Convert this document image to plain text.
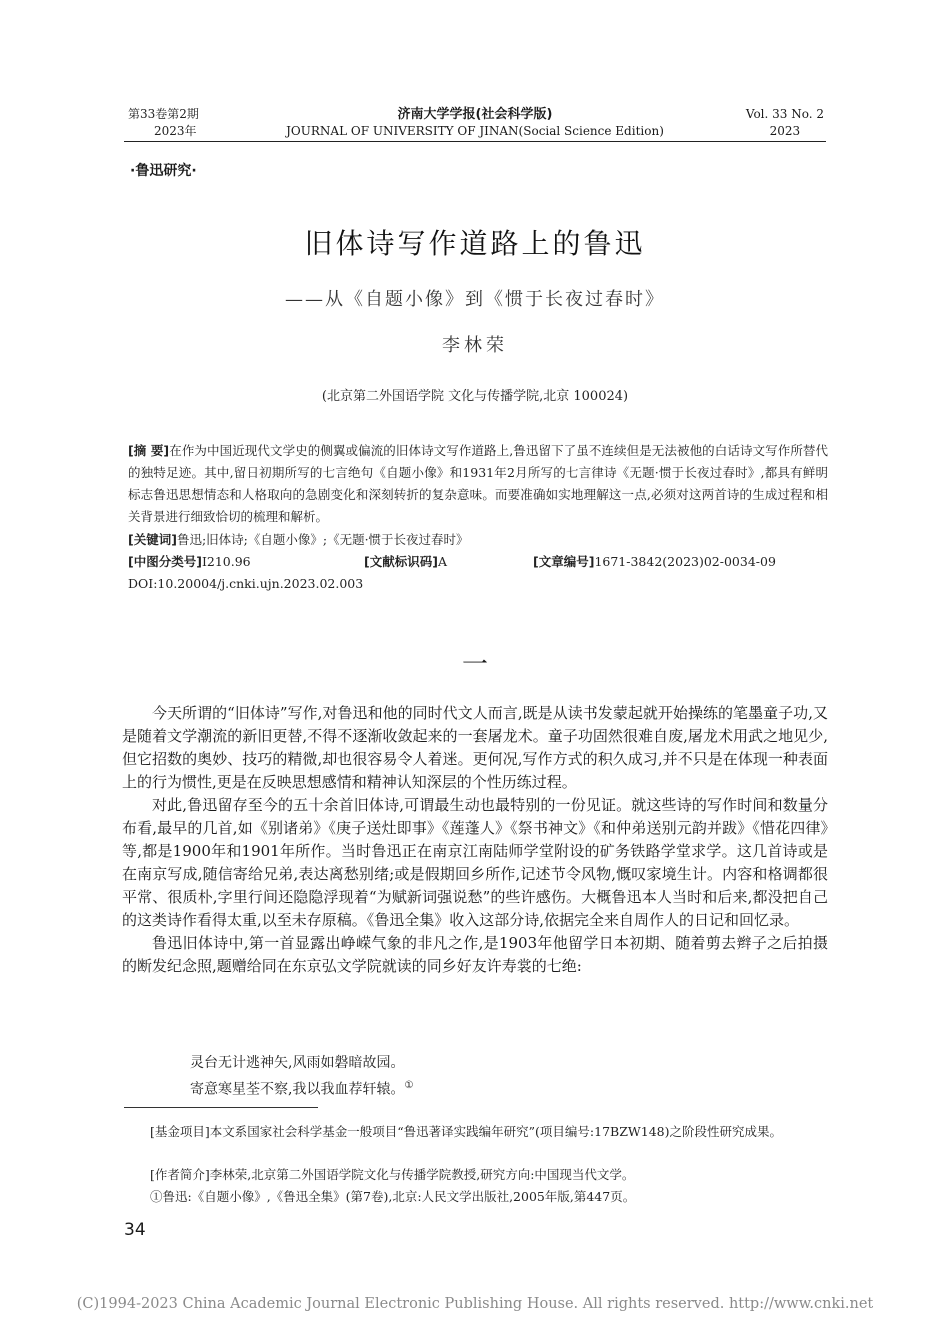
第33卷第2期
2023年
济南大学学报(社会科学版)
JOURNAL OF UNIVERSITY OF JINAN(Social Science Edition)
Vol. 33 No. 2
2023
·鲁迅研究·
旧体诗写作道路上的鲁迅
——从《自题小像》到《惯于长夜过春时》
李林荣
(北京第二外国语学院 文化与传播学院,北京 100024)
[摘 要]在作为中国近现代文学史的侧翼或偏流的旧体诗文写作道路上,鲁迅留下了虽不连续但是无法被他的白话诗文写作所替代的独特足迹。其中,留日初期所写的七言绝句《自题小像》和1931年2月所写的七言律诗《无题·惯于长夜过春时》,都具有鲜明标志鲁迅思想情态和人格取向的急剧变化和深刻转折的复杂意味。而要准确如实地理解这一点,必须对这两首诗的生成过程和相关背景进行细致恰切的梳理和解析。
[关键词]鲁迅;旧体诗;《自题小像》;《无题·惯于长夜过春时》
[中图分类号]I210.96	[文献标识码]A	[文章编号]1671-3842(2023)02-0034-09
DOI:10.20004/j.cnki.ujn.2023.02.003
一

今天所谓的“旧体诗”写作,对鲁迅和他的同时代文人而言,既是从读书发蒙起就开始操练的笔墨童子功,又是随着文学潮流的新旧更替,不得不逐渐收敛起来的一套屠龙术。童子功固然很难自废,屠龙术用武之地见少,但它招数的奥妙、技巧的精微,却也很容易令人着迷。更何况,写作方式的积久成习,并不只是在体现一种表面上的行为惯性,更是在反映思想感情和精神认知深层的个性历练过程。

对此,鲁迅留存至今的五十余首旧体诗,可谓最生动也最特别的一份见证。就这些诗的写作时间和数量分布看,最早的几首,如《别诸弟》《庚子送灶即事》《莲蓬人》《祭书神文》《和仲弟送别元韵并跋》《惜花四律》等,都是1900年和1901年所作。当时鲁迅正在南京江南陆师学堂附设的矿务铁路学堂求学。这几首诗或是在南京写成,随信寄给兄弟,表达离愁别绪;或是假期回乡所作,记述节令风物,慨叹家境生计。内容和格调都很平常、很质朴,字里行间还隐隐浮现着“为赋新词强说愁”的些许感伤。大概鲁迅本人当时和后来,都没把自己的这类诗作看得太重,以至未存原稿。《鲁迅全集》收入这部分诗,依据完全来自周作人的日记和回忆录。

鲁迅旧体诗中,第一首显露出峥嵘气象的非凡之作,是1903年他留学日本初期、随着剪去辫子之后拍摄的断发纪念照,题赠给同在东京弘文学院就读的同乡好友许寿裳的七绝:

灵台无计逃神矢,风雨如磐暗故园。
寄意寒星荃不察,我以我血荐轩辕。①
[基金项目]本文系国家社会科学基金一般项目“鲁迅著译实践编年研究”(项目编号:17BZW148)之阶段性研究成果。
[作者简介]李林荣,北京第二外国语学院文化与传播学院教授,研究方向:中国现当代文学。
①鲁迅:《自题小像》,《鲁迅全集》(第7卷),北京:人民文学出版社,2005年版,第447页。
34
(C)1994-2023 China Academic Journal Electronic Publishing House. All rights reserved. http://www.cnki.net
